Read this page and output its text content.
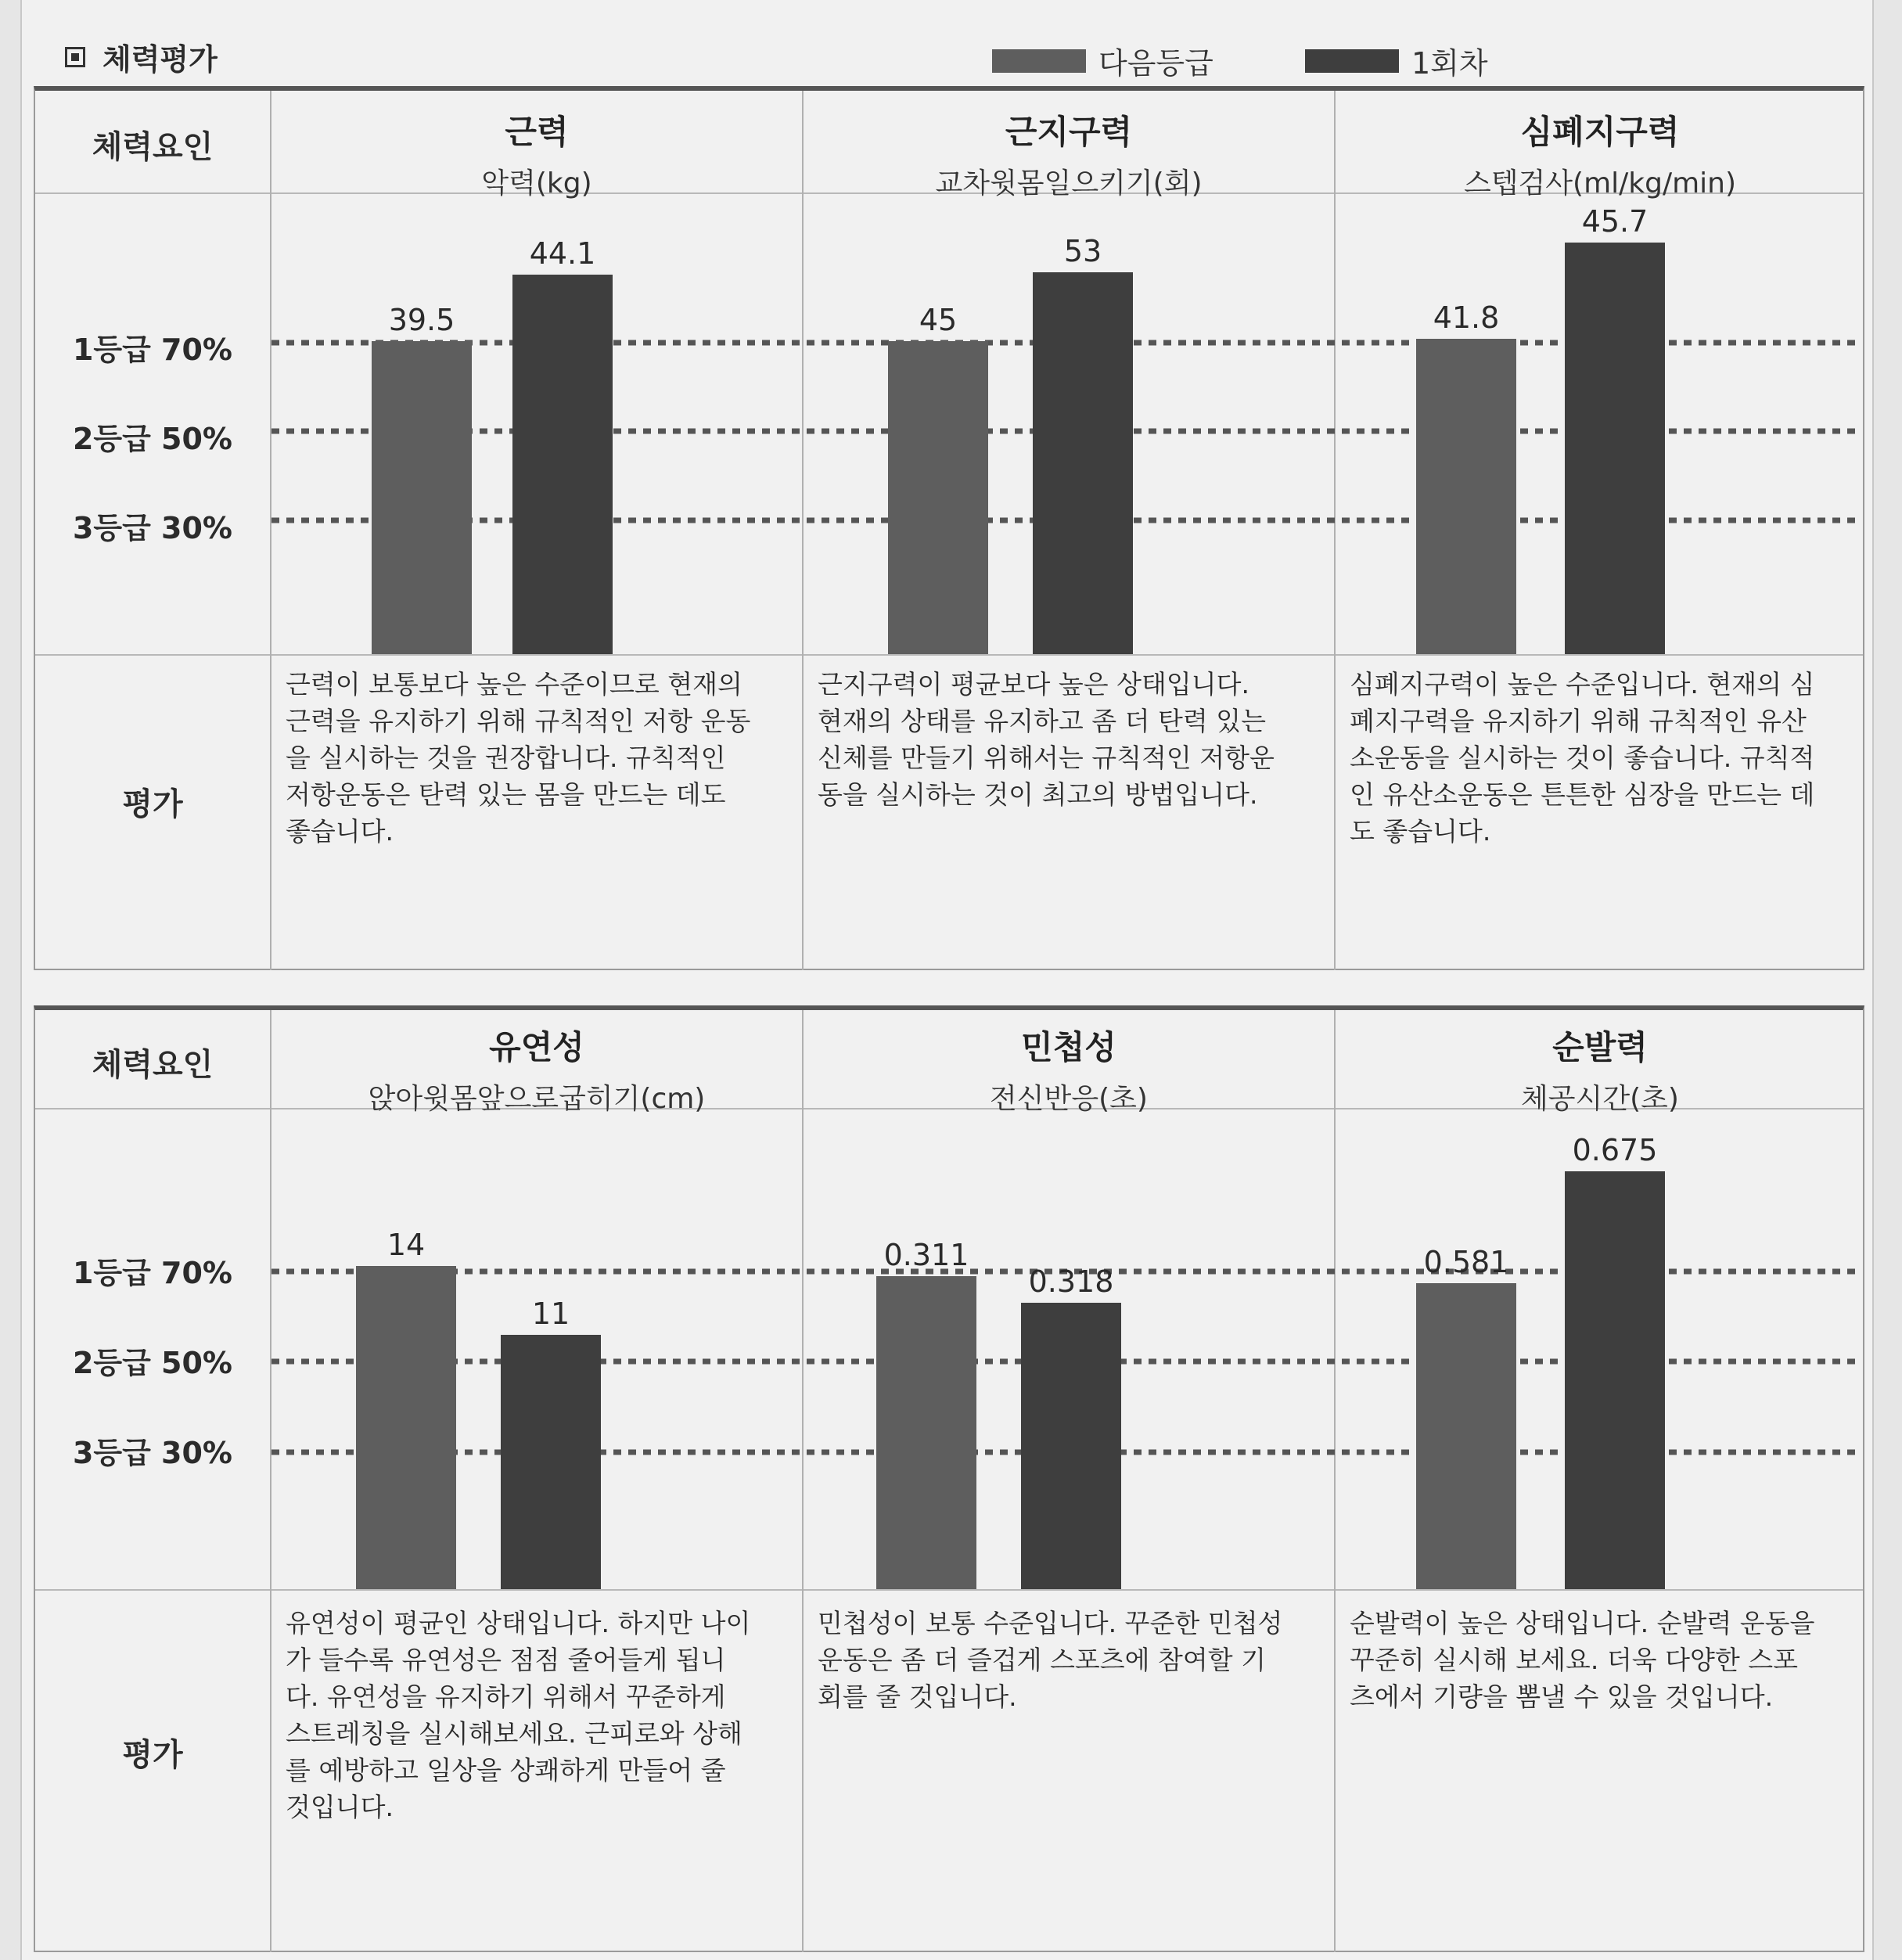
체력평가	다음등급	1회차
체력요인
평가
근력
악력(kg)
근지구력
교차윗몸일으키기(회)
심폐지구력
스텝검사(ml/kg/min)
1등급 70%
2등급 50%
3등급 30%
39.5
44.1
45
53
41.8
45.7
근력이 보통보다 높은 수준이므로 현재의
근력을 유지하기 위해 규칙적인 저항 운동
을 실시하는 것을 권장합니다. 규칙적인
저항운동은 탄력 있는 몸을 만드는 데도
좋습니다.
근지구력이 평균보다 높은 상태입니다.
현재의 상태를 유지하고 좀 더 탄력 있는
신체를 만들기 위해서는 규칙적인 저항운
동을 실시하는 것이 최고의 방법입니다.
심폐지구력이 높은 수준입니다. 현재의 심
폐지구력을 유지하기 위해 규칙적인 유산
소운동을 실시하는 것이 좋습니다. 규칙적
인 유산소운동은 튼튼한 심장을 만드는 데
도 좋습니다.
체력요인
평가
유연성
앉아윗몸앞으로굽히기(cm)
민첩성
전신반응(초)
순발력
체공시간(초)
1등급 70%
2등급 50%
3등급 30%
14
11
0.311
0.318
0.581
0.675
유연성이 평균인 상태입니다. 하지만 나이
가 들수록 유연성은 점점 줄어들게 됩니
다. 유연성을 유지하기 위해서 꾸준하게
스트레칭을 실시해보세요. 근피로와 상해
를 예방하고 일상을 상쾌하게 만들어 줄
것입니다.
민첩성이 보통 수준입니다. 꾸준한 민첩성
운동은 좀 더 즐겁게 스포츠에 참여할 기
회를 줄 것입니다.
순발력이 높은 상태입니다. 순발력 운동을
꾸준히 실시해 보세요. 더욱 다양한 스포
츠에서 기량을 뽐낼 수 있을 것입니다.
